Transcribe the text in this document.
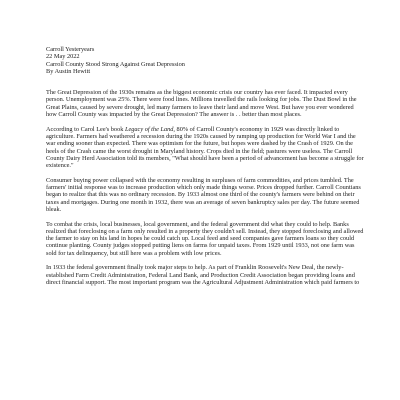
Carroll Yesteryears
22 May 2022
Carroll County Stood Strong Against Great Depression
By Austin Hewitt

The Great Depression of the 1930s remains as the biggest economic crisis our country has ever faced. It impacted every person. Unemployment was 25%. There were food lines. Millions travelled the rails looking for jobs. The Dust Bowl in the Great Plains, caused by severe drought, led many farmers to leave their land and move West. But have you ever wondered how Carroll County was impacted by the Great Depression? The answer is . . better than most places.

According to Carol Lee's book Legacy of the Land, 80% of Carroll County's economy in 1929 was directly linked to agriculture. Farmers had weathered a recession during the 1920s caused by ramping up production for World War I and the war ending sooner than expected. There was optimism for the future, but hopes were dashed by the Crash of 1929. On the heels of the Crash came the worst drought in Maryland history. Crops died in the field; pastures were useless. The Carroll County Dairy Herd Association told its members, "What should have been a period of advancement has become a struggle for existence."

Consumer buying power collapsed with the economy resulting in surpluses of farm commodities, and prices tumbled. The farmers' initial response was to increase production which only made things worse. Prices dropped further. Carroll Countians began to realize that this was no ordinary recession. By 1933 almost one third of the county's farmers were behind on their taxes and mortgages. During one month in 1932, there was an average of seven bankruptcy sales per day. The future seemed bleak.

To combat the crisis, local businesses, local government, and the federal government did what they could to help. Banks realized that foreclosing on a farm only resulted in a property they couldn't sell. Instead, they stopped foreclosing and allowed the farmer to stay on his land in hopes he could catch up. Local feed and seed companies gave farmers loans so they could continue planting. County judges stopped putting liens on farms for unpaid taxes. From 1929 until 1933, not one farm was sold for tax delinquency, but still here was a problem with low prices.

In 1933 the federal government finally took major steps to help. As part of Franklin Roosevelt's New Deal, the newly-established Farm Credit Administration, Federal Land Bank, and Production Credit Association began providing loans and direct financial support. The most important program was the Agricultural Adjustment Administration which paid farmers to
